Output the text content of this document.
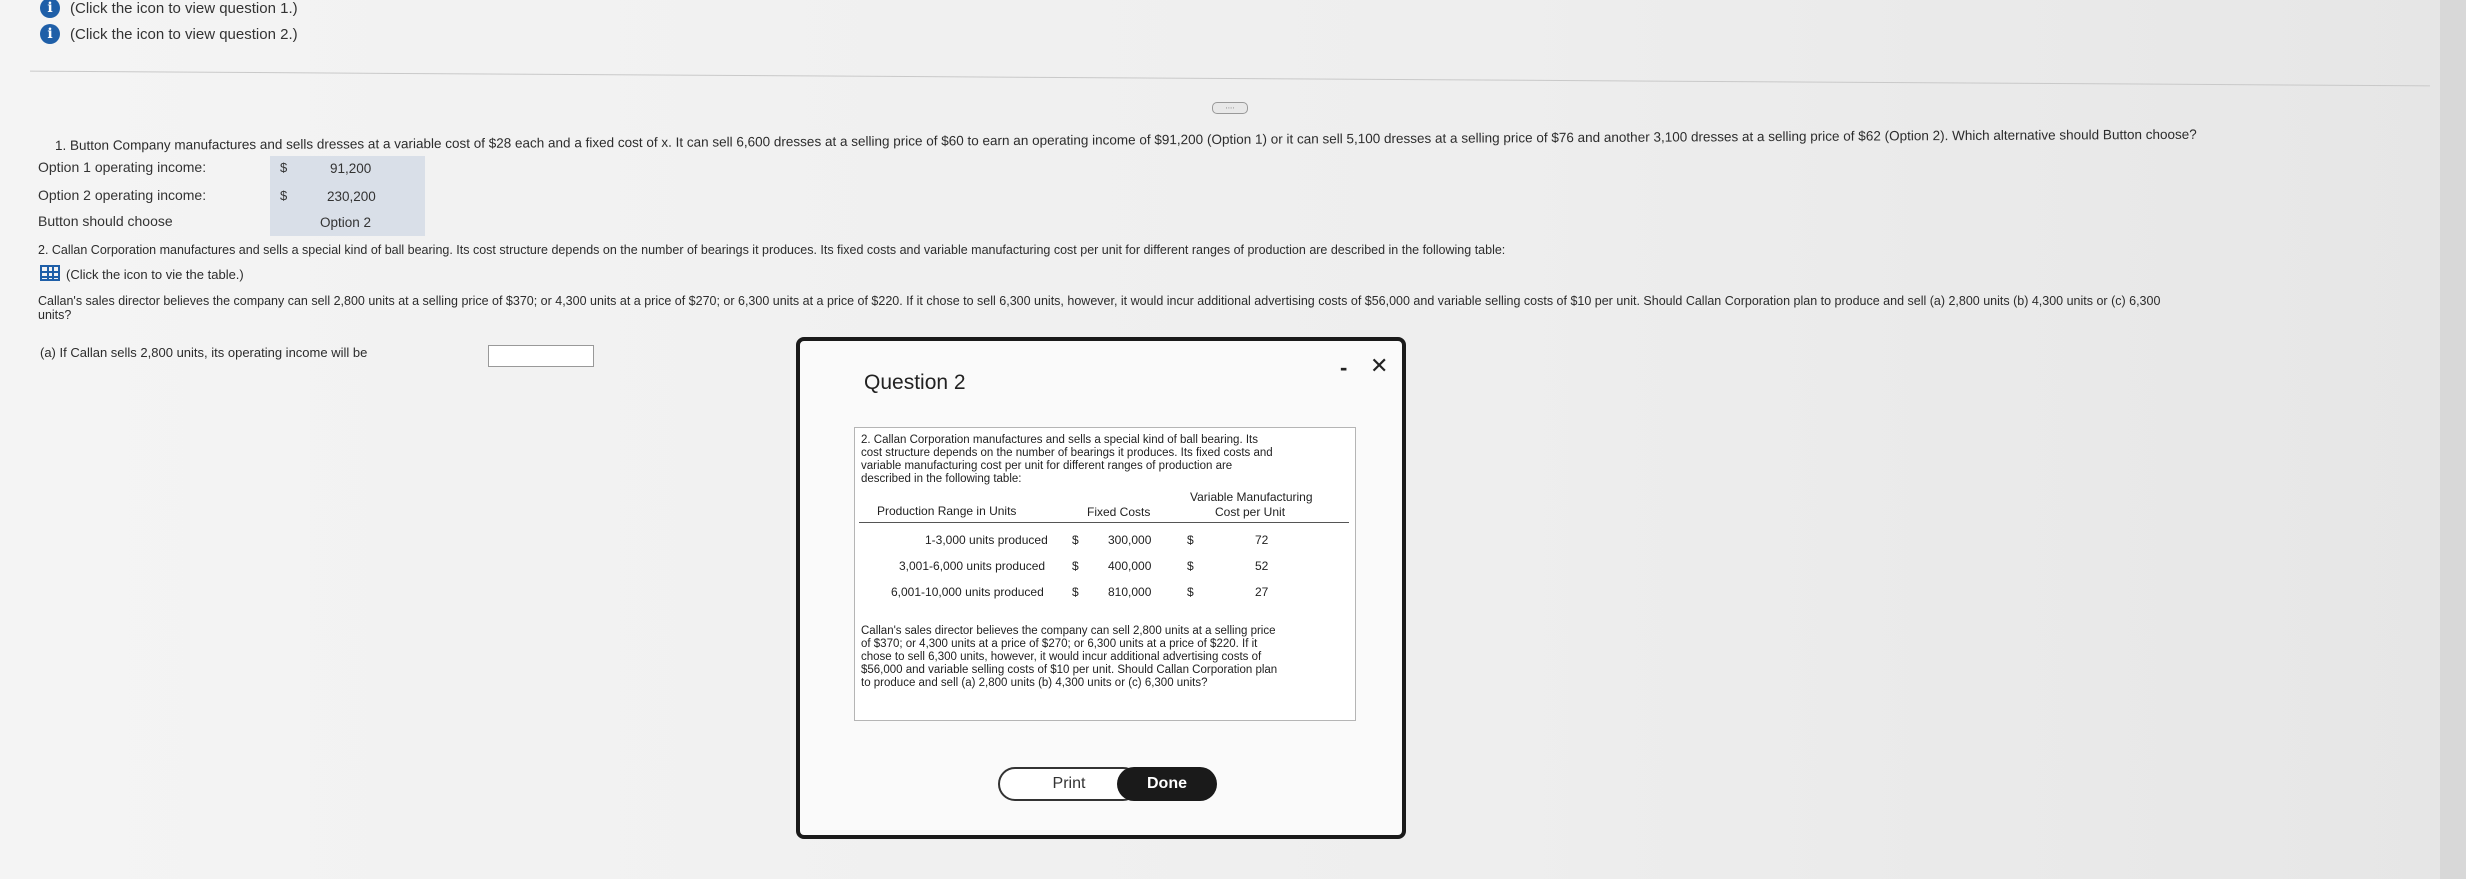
i	(Click the icon to view question 1.)
i	(Click the icon to view question 2.)
∙∙∙∙
1. Button Company manufactures and sells dresses at a variable cost of $28 each and a fixed cost of x. It can sell 6,600 dresses at a selling price of $60 to earn an operating income of $91,200 (Option 1) or it can sell 5,100 dresses at a selling price of $76 and another 3,100 dresses at a selling price of $62 (Option 2). Which alternative should Button choose?
Option 1 operating income:	$	91,200
Option 2 operating income:	$	230,200
Button should choose	Option 2
2. Callan Corporation manufactures and sells a special kind of ball bearing. Its cost structure depends on the number of bearings it produces. Its fixed costs and variable manufacturing cost per unit for different ranges of production are described in the following table:
(Click the icon to vie the table.)
Callan's sales director believes the company can sell 2,800 units at a selling price of $370; or 4,300 units at a price of $270; or 6,300 units at a price of $220. If it chose to sell 6,300 units, however, it would incur additional advertising costs of $56,000 and variable selling costs of $10 per unit. Should Callan Corporation plan to produce and sell (a) 2,800 units (b) 4,300 units or (c) 6,300
units?
(a) If Callan sells 2,800 units, its operating income will be
Question 2
- ✕
2. Callan Corporation manufactures and sells a special kind of ball bearing. Its
cost structure depends on the number of bearings it produces. Its fixed costs and
variable manufacturing cost per unit for different ranges of production are
described in the following table:
Production Range in Units	Fixed Costs
Variable Manufacturing
Cost per Unit
1-3,000 units produced $ 300,000	$	72
3,001-6,000 units produced $ 400,000	$	52
6,001-10,000 units produced $ 810,000	$	27
Callan's sales director believes the company can sell 2,800 units at a selling price
of $370; or 4,300 units at a price of $270; or 6,300 units at a price of $220. If it
chose to sell 6,300 units, however, it would incur additional advertising costs of
$56,000 and variable selling costs of $10 per unit. Should Callan Corporation plan
to produce and sell (a) 2,800 units (b) 4,300 units or (c) 6,300 units?
Print	Done
